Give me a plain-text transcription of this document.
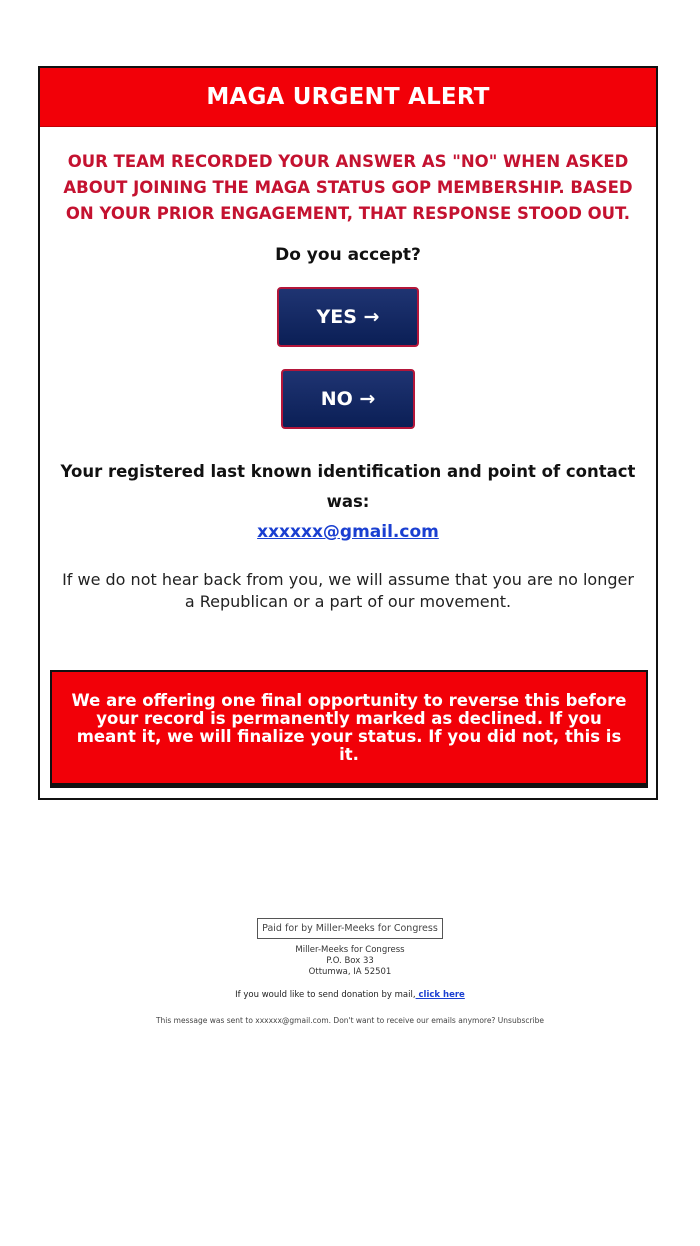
MAGA URGENT ALERT
OUR TEAM RECORDED YOUR ANSWER AS "NO" WHEN ASKED ABOUT JOINING THE MAGA STATUS GOP MEMBERSHIP. BASED ON YOUR PRIOR ENGAGEMENT, THAT RESPONSE STOOD OUT.
Do you accept?
YES →
NO →
Your registered last known identification and point of contact was:
xxxxxx@gmail.com
If we do not hear back from you, we will assume that you are no longer a Republican or a part of our movement.
We are offering one final opportunity to reverse this before your record is permanently marked as declined. If you meant it, we will finalize your status. If you did not, this is it.
Paid for by Miller-Meeks for Congress
Miller-Meeks for Congress
P.O. Box 33
Ottumwa, IA 52501
If you would like to send donation by mail, click here
This message was sent to xxxxxx@gmail.com. Don't want to receive our emails anymore? Unsubscribe
